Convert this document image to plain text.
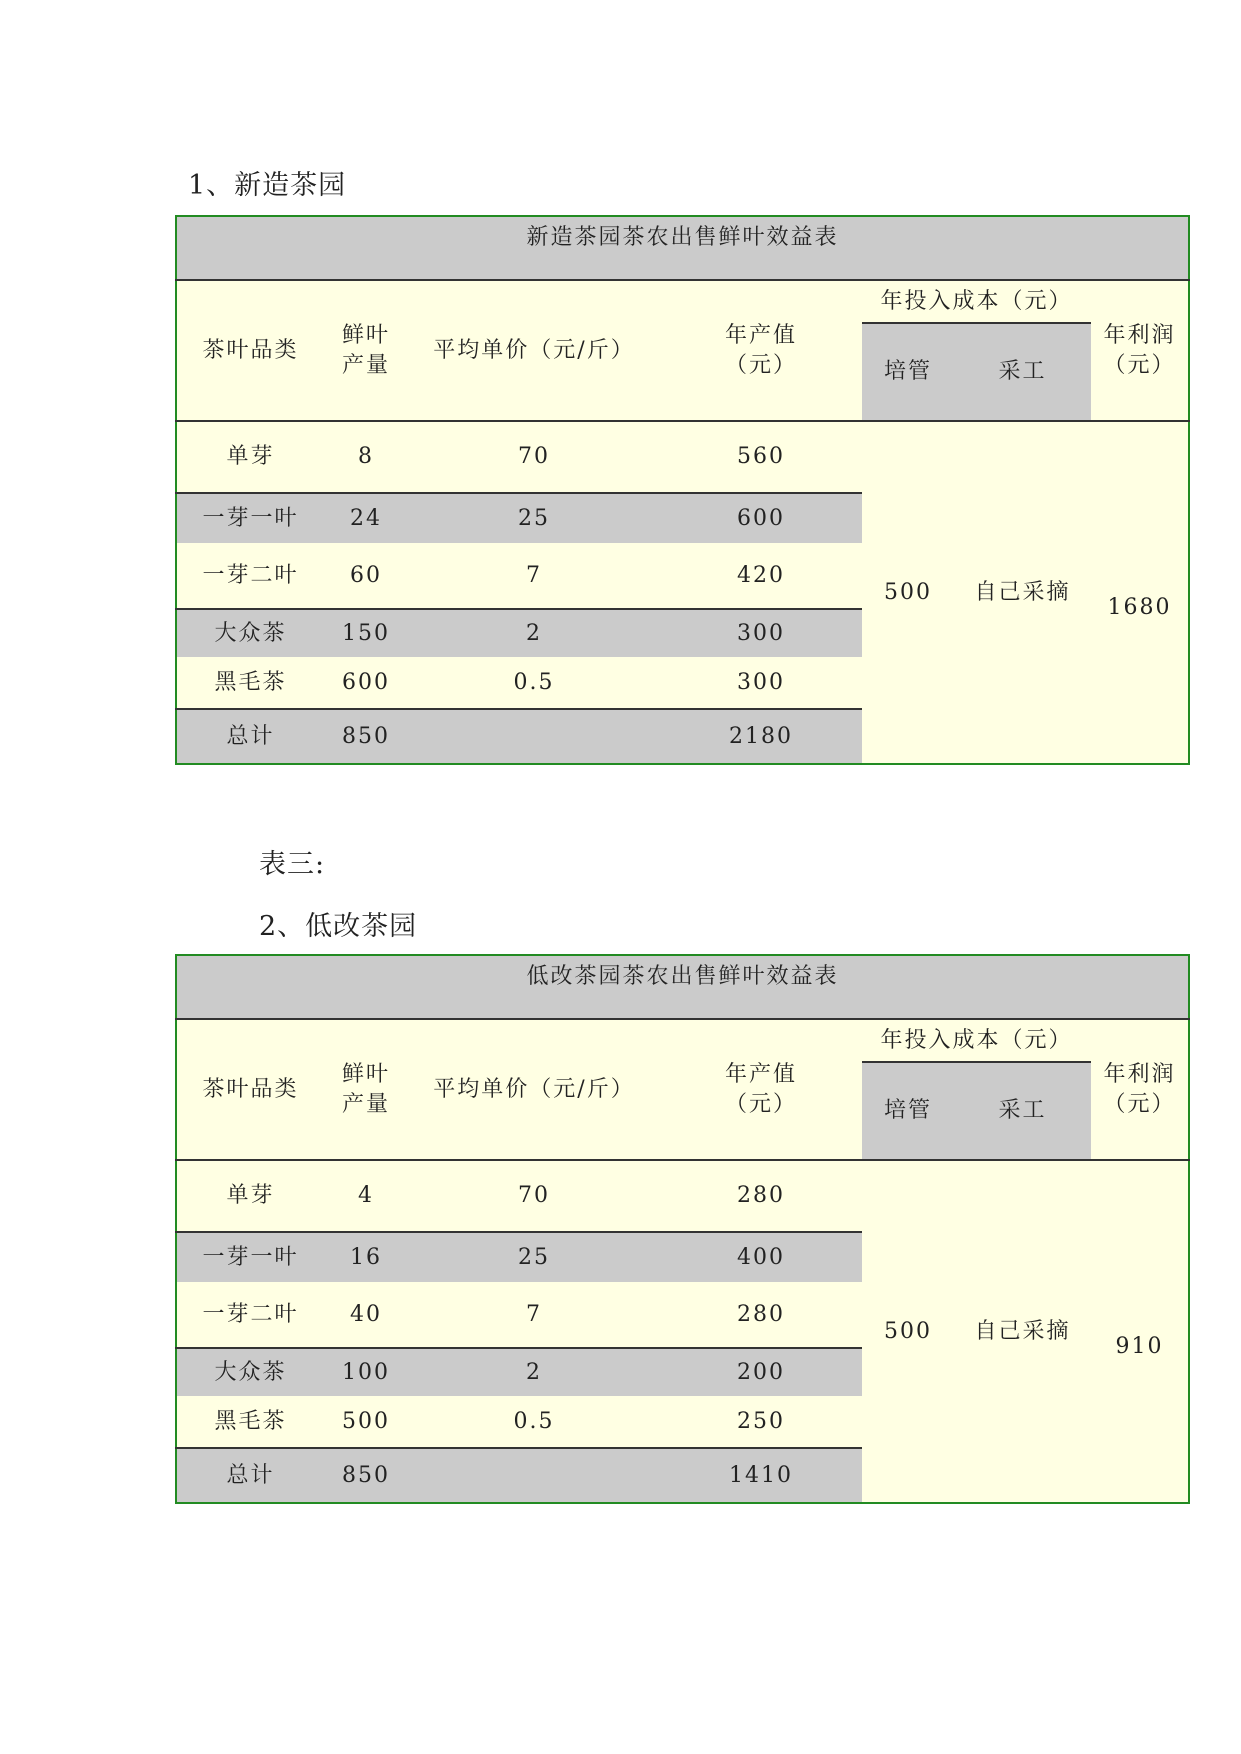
1、新造茶园
新造茶园茶农出售鲜叶效益表						
茶叶品类	鲜叶产量	平均单价（元/斤）	年产值（元）	年投入成本（元）		年利润（元）
				培管	采工	
单芽	8	70	560	500	自己采摘	1680
一芽一叶	24	25	600			
一芽二叶	60	7	420			
大众茶	150	2	300			
黑毛茶	600	0.5	300			
总计	850		2180			
表三:
2、低改茶园
低改茶园茶农出售鲜叶效益表						
茶叶品类	鲜叶产量	平均单价（元/斤）	年产值（元）	年投入成本（元）		年利润（元）
				培管	采工	
单芽	4	70	280	500	自己采摘	910
一芽一叶	16	25	400			
一芽二叶	40	7	280			
大众茶	100	2	200			
黑毛茶	500	0.5	250			
总计	850		1410			
